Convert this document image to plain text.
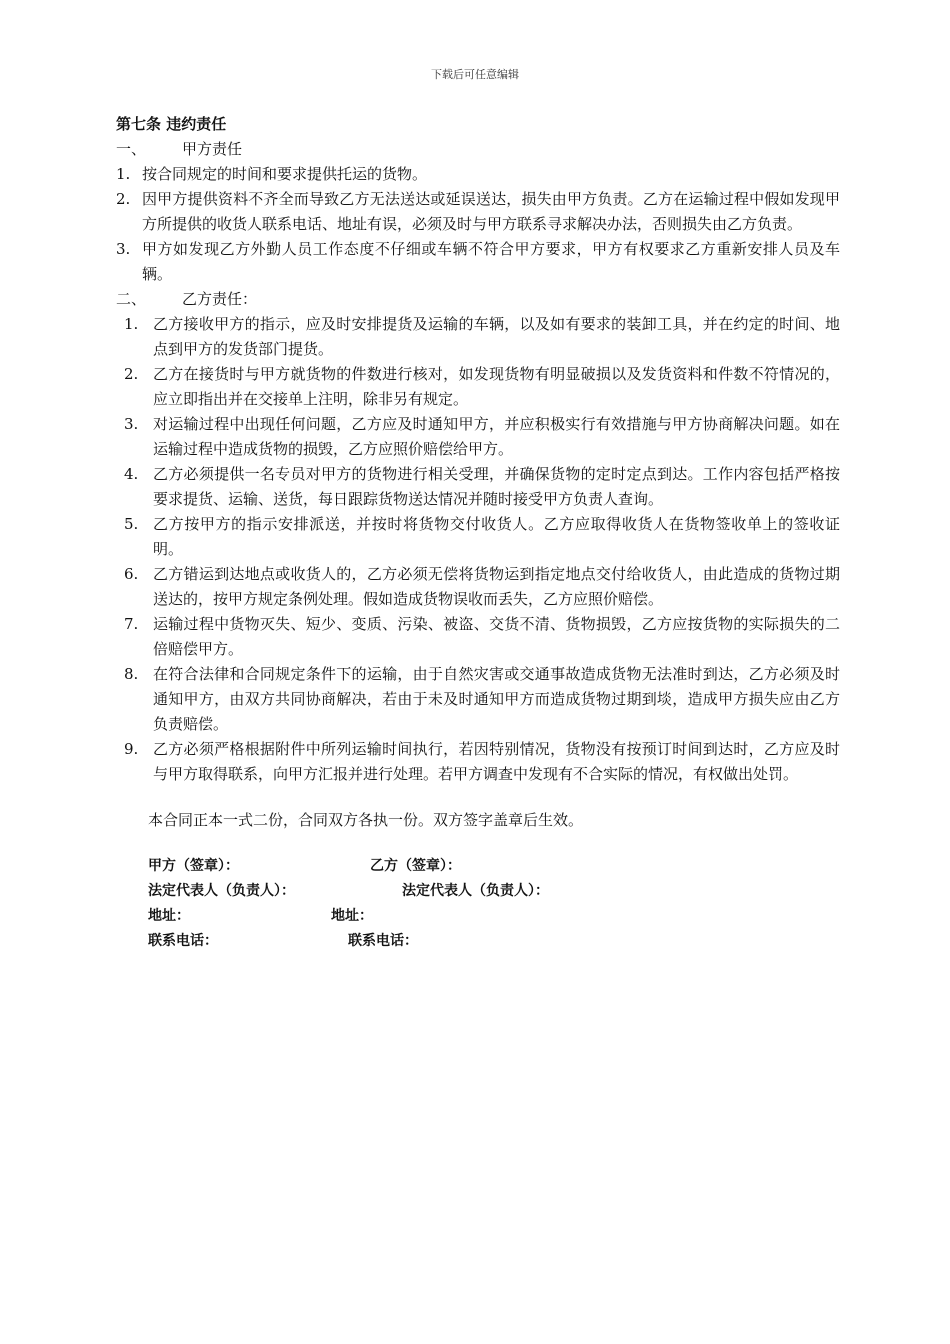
下载后可任意编辑

第七条 违约责任

一、	甲方责任
1. 按合同规定的时间和要求提供托运的货物。
2. 因甲方提供资料不齐全而导致乙方无法送达或延误送达，损失由甲方负责。乙方在运输过程中假如发现甲方所提供的收货人联系电话、地址有误，必须及时与甲方联系寻求解决办法，否则损失由乙方负责。
3. 甲方如发现乙方外勤人员工作态度不仔细或车辆不符合甲方要求，甲方有权要求乙方重新安排人员及车辆。
二、	乙方责任：
1. 乙方接收甲方的指示，应及时安排提货及运输的车辆，以及如有要求的装卸工具，并在约定的时间、地点到甲方的发货部门提货。
2. 乙方在接货时与甲方就货物的件数进行核对，如发现货物有明显破损以及发货资料和件数不符情况的，应立即指出并在交接单上注明，除非另有规定。
3. 对运输过程中出现任何问题，乙方应及时通知甲方，并应积极实行有效措施与甲方协商解决问题。如在运输过程中造成货物的损毁，乙方应照价赔偿给甲方。
4. 乙方必须提供一名专员对甲方的货物进行相关受理，并确保货物的定时定点到达。工作内容包括严格按要求提货、运输、送货，每日跟踪货物送达情况并随时接受甲方负责人查询。
5. 乙方按甲方的指示安排派送，并按时将货物交付收货人。乙方应取得收货人在货物签收单上的签收证明。
6. 乙方错运到达地点或收货人的，乙方必须无偿将货物运到指定地点交付给收货人，由此造成的货物过期送达的，按甲方规定条例处理。假如造成货物误收而丢失，乙方应照价赔偿。
7. 运输过程中货物灭失、短少、变质、污染、被盗、交货不清、货物损毁，乙方应按货物的实际损失的二倍赔偿甲方。
8. 在符合法律和合同规定条件下的运输，由于自然灾害或交通事故造成货物无法准时到达，乙方必须及时通知甲方，由双方共同协商解决，若由于未及时通知甲方而造成货物过期到埮，造成甲方损失应由乙方负责赔偿。
9. 乙方必须严格根据附件中所列运输时间执行，若因特别情况，货物没有按预订时间到达时，乙方应及时与甲方取得联系，向甲方汇报并进行处理。若甲方调查中发现有不合实际的情况，有权做出处罚。

本合同正本一式二份，合同双方各执一份。双方签字盖章后生效。

甲方（签章）：	乙方（签章）：
法定代表人（负责人）：	法定代表人（负责人）：
地址：	地址：
联系电话：	联系电话：
